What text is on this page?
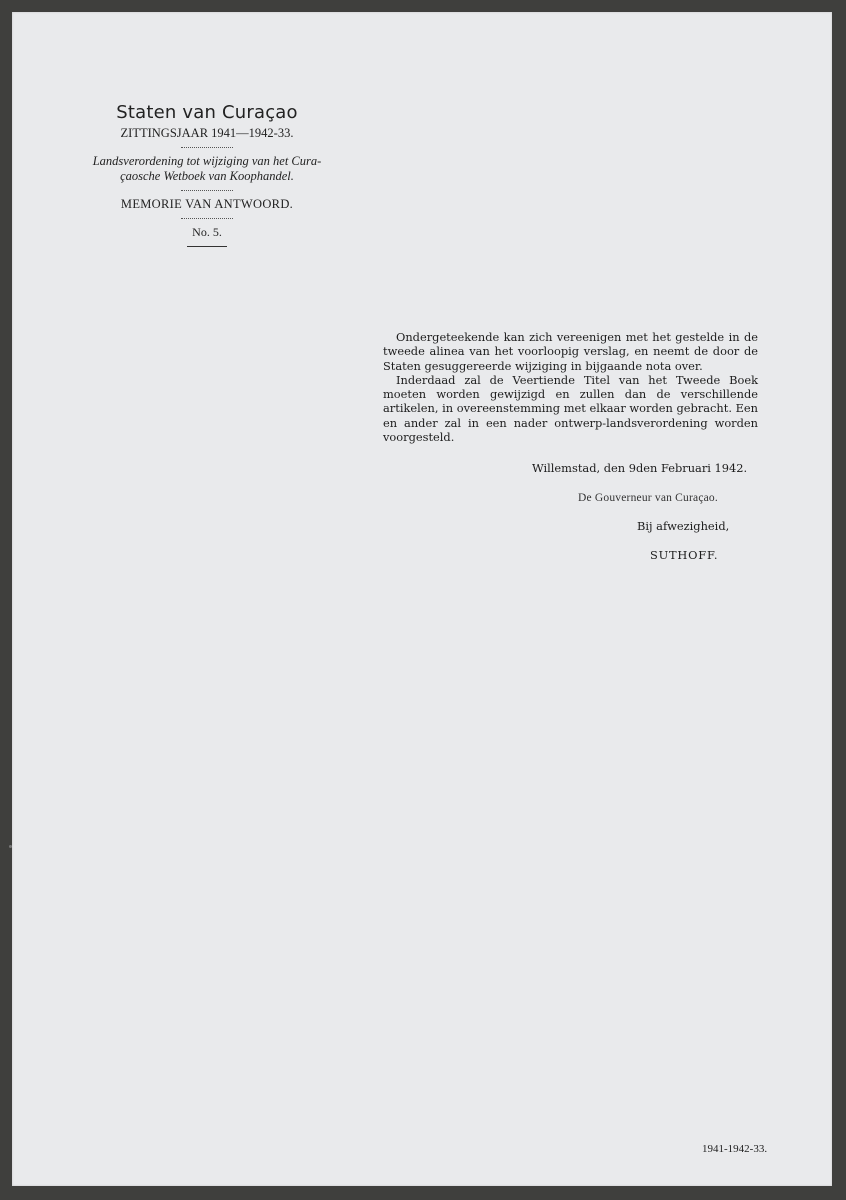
Staten van Curaçao
ZITTINGSJAAR 1941—1942-33.
Landsverordening tot wijziging van het Cura-
çaosche Wetboek van Koophandel.
MEMORIE VAN ANTWOORD.
No. 5.

Ondergeteekende kan zich vereenigen met het gestelde in de tweede alinea van het voorloopig verslag, en neemt de door de Staten gesuggereerde wijziging in bijgaande nota over.

Inderdaad zal de Veertiende Titel van het Tweede Boek moeten worden gewijzigd en zullen dan de verschillende artikelen, in overeenstemming met elkaar worden gebracht. Een en ander zal in een nader ontwerp-landsverordening worden voorgesteld.

Willemstad, den 9den Februari 1942.
De Gouverneur van Curaçao.
Bij afwezigheid,
SUTHOFF.
1941-1942-33.
